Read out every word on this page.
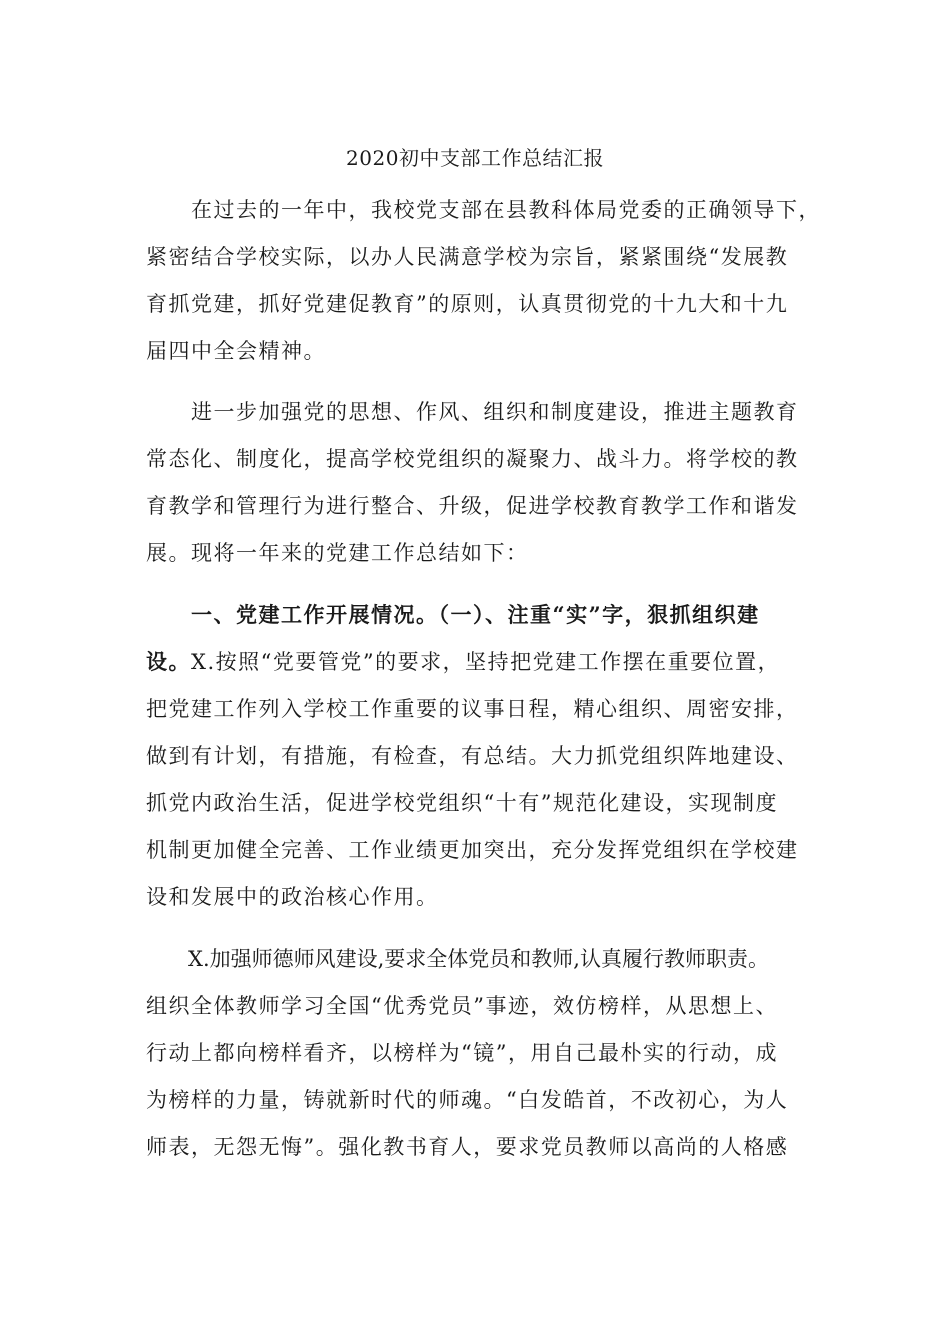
2020初中支部工作总结汇报
　　在过去的一年中，我校党支部在县教科体局党委的正确领导下，
紧密结合学校实际，以办人民满意学校为宗旨，紧紧围绕“发展教
育抓党建，抓好党建促教育”的原则，认真贯彻党的十九大和十九
届四中全会精神。
　　进一步加强党的思想、作风、组织和制度建设，推进主题教育
常态化、制度化，提高学校党组织的凝聚力、战斗力。将学校的教
育教学和管理行为进行整合、升级，促进学校教育教学工作和谐发
展。现将一年来的党建工作总结如下：
　　一、党建工作开展情况。（一）、注重“实”字，狠抓组织建
设。X.按照“党要管党”的要求，坚持把党建工作摆在重要位置，
把党建工作列入学校工作重要的议事日程，精心组织、周密安排，
做到有计划，有措施，有检查，有总结。大力抓党组织阵地建设、
抓党内政治生活，促进学校党组织“十有”规范化建设，实现制度
机制更加健全完善、工作业绩更加突出，充分发挥党组织在学校建
设和发展中的政治核心作用。
　　X.加强师德师风建设,要求全体党员和教师,认真履行教师职责。
组织全体教师学习全国“优秀党员”事迹，效仿榜样，从思想上、
行动上都向榜样看齐，以榜样为“镜”，用自己最朴实的行动，成
为榜样的力量，铸就新时代的师魂。“白发皓首，不改初心，为人
师表，无怨无悔”。强化教书育人，要求党员教师以高尚的人格感
